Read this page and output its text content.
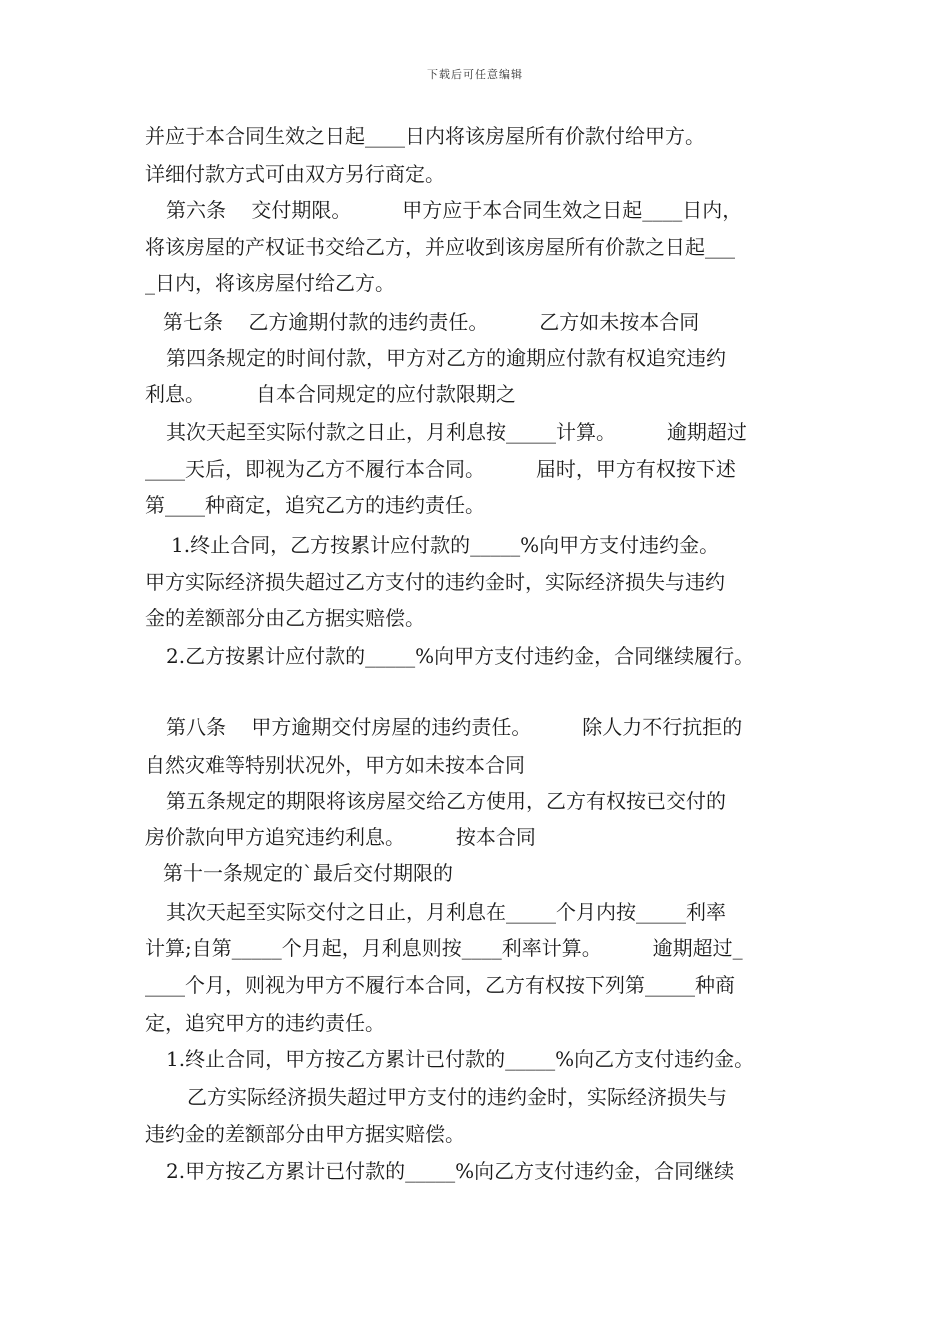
下载后可任意编辑
并应于本合同生效之日起____日内将该房屋所有价款付给甲方。
详细付款方式可由双方另行商定。
第六条    交付期限。        甲方应于本合同生效之日起____日内，
将该房屋的产权证书交给乙方，并应收到该房屋所有价款之日起___
_日内，将该房屋付给乙方。
第七条    乙方逾期付款的违约责任。        乙方如未按本合同
第四条规定的时间付款，甲方对乙方的逾期应付款有权追究违约
利息。        自本合同规定的应付款限期之
其次天起至实际付款之日止，月利息按_____计算。        逾期超过
____天后，即视为乙方不履行本合同。        届时，甲方有权按下述
第____种商定，追究乙方的违约责任。
1.终止合同，乙方按累计应付款的_____%向甲方支付违约金。
甲方实际经济损失超过乙方支付的违约金时，实际经济损失与违约
金的差额部分由乙方据实赔偿。
2.乙方按累计应付款的_____%向甲方支付违约金，合同继续履行。
第八条    甲方逾期交付房屋的违约责任。        除人力不行抗拒的
自然灾难等特别状况外，甲方如未按本合同
第五条规定的期限将该房屋交给乙方使用，乙方有权按已交付的
房价款向甲方追究违约利息。        按本合同
第十一条规定的`最后交付期限的
其次天起至实际交付之日止，月利息在_____个月内按_____利率
计算;自第_____个月起，月利息则按____利率计算。        逾期超过_
____个月，则视为甲方不履行本合同，乙方有权按下列第_____种商
定，追究甲方的违约责任。
1.终止合同，甲方按乙方累计已付款的_____%向乙方支付违约金。
乙方实际经济损失超过甲方支付的违约金时，实际经济损失与
违约金的差额部分由甲方据实赔偿。
2.甲方按乙方累计已付款的_____%向乙方支付违约金，合同继续
